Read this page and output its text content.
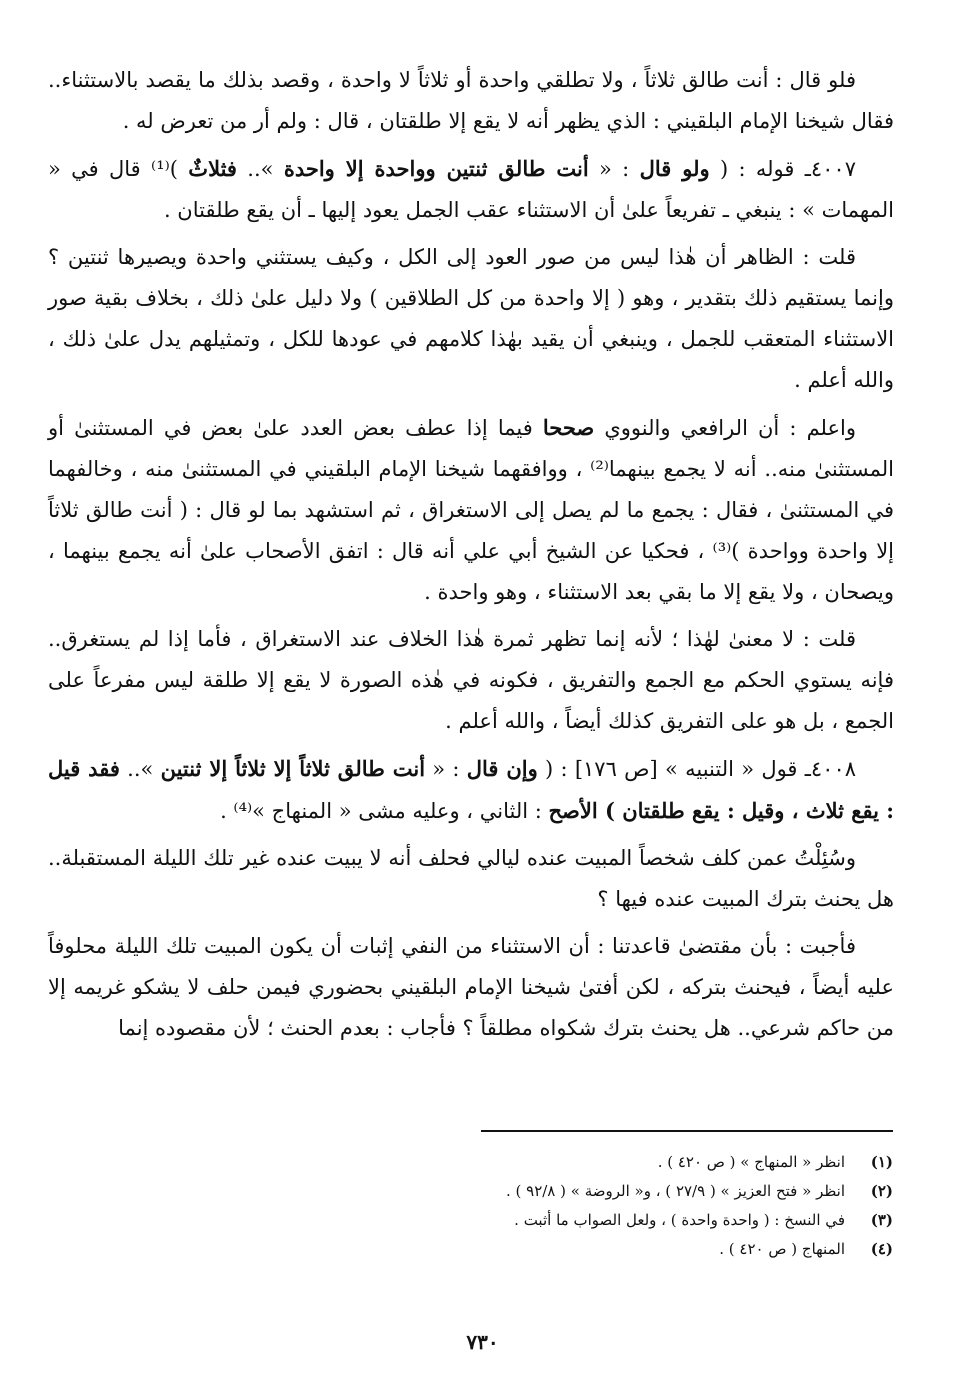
فلو قال : أنت طالق ثلاثاً ، ولا تطلقي واحدة أو ثلاثاً لا واحدة ، وقصد بذلك ما يقصد بالاستثناء.. فقال شيخنا الإمام البلقيني : الذي يظهر أنه لا يقع إلا طلقتان ، قال : ولم أر من تعرض له .

٤٠٠٧ـ قوله : ( ولو قال : « أنت طالق ثنتين وواحدة إلا واحدة ».. فثلاثٌ )⁽¹⁾ قال في « المهمات » : ينبغي ـ تفريعاً علىٰ أن الاستثناء عقب الجمل يعود إليها ـ أن يقع طلقتان .

قلت : الظاهر أن هٰذا ليس من صور العود إلى الكل ، وكيف يستثني واحدة ويصيرها ثنتين ؟ وإنما يستقيم ذلك بتقدير ، وهو ( إلا واحدة من كل الطلاقين ) ولا دليل علىٰ ذلك ، بخلاف بقية صور الاستثناء المتعقب للجمل ، وينبغي أن يقيد بهٰذا كلامهم في عودها للكل ، وتمثيلهم يدل علىٰ ذلك ، والله أعلم .

واعلم : أن الرافعي والنووي صححا فيما إذا عطف بعض العدد علىٰ بعض في المستثنىٰ أو المستثنىٰ منه.. أنه لا يجمع بينهما⁽²⁾ ، ووافقهما شيخنا الإمام البلقيني في المستثنىٰ منه ، وخالفهما في المستثنىٰ ، فقال : يجمع ما لم يصل إلى الاستغراق ، ثم استشهد بما لو قال : ( أنت طالق ثلاثاً إلا واحدة وواحدة )⁽³⁾ ، فحكيا عن الشيخ أبي علي أنه قال : اتفق الأصحاب علىٰ أنه يجمع بينهما ، ويصحان ، ولا يقع إلا ما بقي بعد الاستثناء ، وهو واحدة .

قلت : لا معنىٰ لهٰذا ؛ لأنه إنما تظهر ثمرة هٰذا الخلاف عند الاستغراق ، فأما إذا لم يستغرق.. فإنه يستوي الحكم مع الجمع والتفريق ، فكونه في هٰذه الصورة لا يقع إلا طلقة ليس مفرعاً على الجمع ، بل هو على التفريق كذلك أيضاً ، والله أعلم .

٤٠٠٨ـ قول « التنبيه » [ص ١٧٦] : ( وإن قال : « أنت طالق ثلاثاً إلا ثلاثاً إلا ثنتين ».. فقد قيل : يقع ثلاث ، وقيل : يقع طلقتان ) الأصح : الثاني ، وعليه مشى « المنهاج »⁽⁴⁾ .

وسُئِلْتُ عمن كلف شخصاً المبيت عنده ليالي فحلف أنه لا يبيت عنده غير تلك الليلة المستقبلة.. هل يحنث بترك المبيت عنده فيها ؟

فأجبت : بأن مقتضىٰ قاعدتنا : أن الاستثناء من النفي إثبات أن يكون المبيت تلك الليلة محلوفاً عليه أيضاً ، فيحنث بتركه ، لكن أفتىٰ شيخنا الإمام البلقيني بحضوري فيمن حلف لا يشكو غريمه إلا من حاكم شرعي.. هل يحنث بترك شكواه مطلقاً ؟ فأجاب : بعدم الحنث ؛ لأن مقصوده إنما

(١)انظر « المنهاج » ( ص ٤٢٠ ) .
(٢)انظر « فتح العزيز » ( ٢٧/٩ ) ، و« الروضة » ( ٩٢/٨ ) .
(٣)في النسخ : ( واحدة واحدة ) ، ولعل الصواب ما أثبت .
(٤)المنهاج ( ص ٤٢٠ ) .
٧٣٠
